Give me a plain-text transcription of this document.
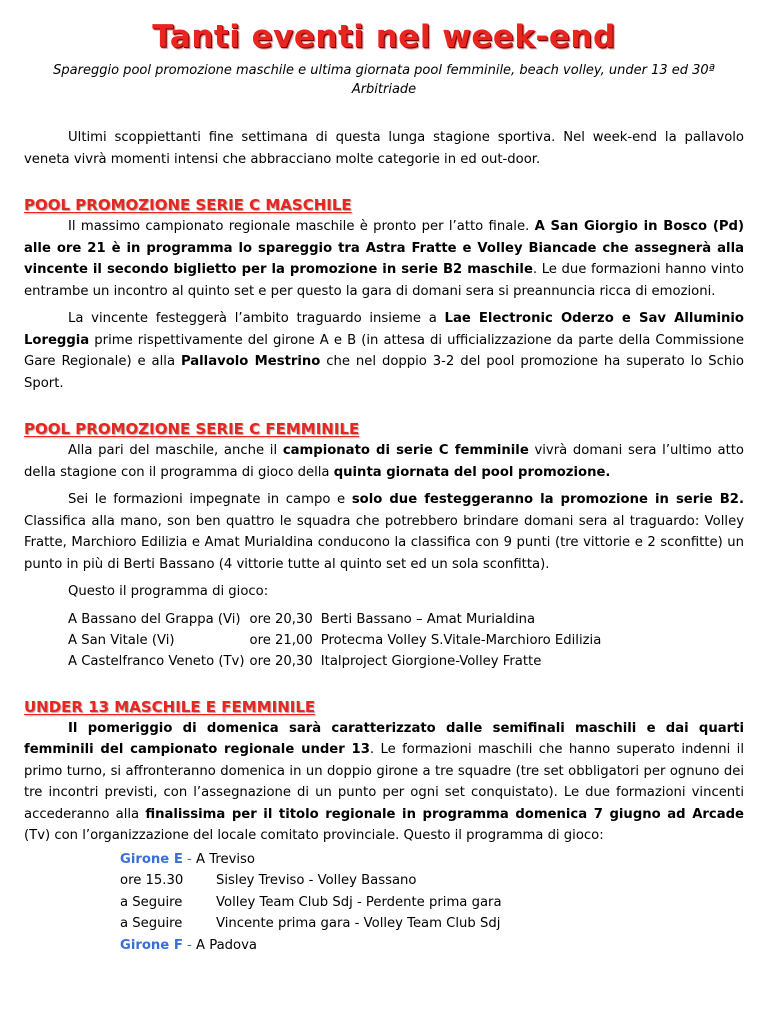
Tanti eventi nel week-end
Spareggio pool promozione maschile e ultima giornata pool femminile, beach volley, under 13 ed 30ª Arbitriade

Ultimi scoppiettanti fine settimana di questa lunga stagione sportiva. Nel week-end la pallavolo veneta vivrà momenti intensi che abbracciano molte categorie in ed out-door.

POOL PROMOZIONE SERIE C MASCHILE

Il massimo campionato regionale maschile è pronto per l’atto finale. A San Giorgio in Bosco (Pd) alle ore 21 è in programma lo spareggio tra Astra Fratte e Volley Biancade che assegnerà alla vincente il secondo biglietto per la promozione in serie B2 maschile. Le due formazioni hanno vinto entrambe un incontro al quinto set e per questo la gara di domani sera si preannuncia ricca di emozioni.

La vincente festeggerà l’ambito traguardo insieme a Lae Electronic Oderzo e Sav Alluminio Loreggia prime rispettivamente del girone A e B (in attesa di ufficializzazione da parte della Commissione Gare Regionale) e alla Pallavolo Mestrino che nel doppio 3-2 del pool promozione ha superato lo Schio Sport.

POOL PROMOZIONE SERIE C FEMMINILE

Alla pari del maschile, anche il campionato di serie C femminile vivrà domani sera l’ultimo atto della stagione con il programma di gioco della quinta giornata del pool promozione.

Sei le formazioni impegnate in campo e solo due festeggeranno la promozione in serie B2. Classifica alla mano, son ben quattro le squadra che potrebbero brindare domani sera al traguardo: Volley Fratte, Marchioro Edilizia e Amat Murialdina conducono la classifica con 9 punti (tre vittorie e 2 sconfitte) un punto in più di Berti Bassano (4 vittorie tutte al quinto set ed un sola sconfitta).

Questo il programma di gioco:

A Bassano del Grappa (Vi)	ore 20,30	Berti Bassano – Amat Murialdina
A San Vitale (Vi)	ore 21,00	Protecma Volley S.Vitale-Marchioro Edilizia
A Castelfranco Veneto (Tv)	ore 20,30	Italproject Giorgione-Volley Fratte
UNDER 13 MASCHILE E FEMMINILE

Il pomeriggio di domenica sarà caratterizzato dalle semifinali maschili e dai quarti femminili del campionato regionale under 13. Le formazioni maschili che hanno superato indenni il primo turno, si affronteranno domenica in un doppio girone a tre squadre (tre set obbligatori per ognuno dei tre incontri previsti, con l’assegnazione di un punto per ogni set conquistato). Le due formazioni vincenti accederanno alla finalissima per il titolo regionale in programma domenica 7 giugno ad Arcade (Tv) con l’organizzazione del locale comitato provinciale. Questo il programma di gioco:

Girone E - A Treviso
ore 15.30 Sisley Treviso - Volley Bassano
a Seguire	Volley Team Club Sdj - Perdente prima gara
a Seguire	Vincente prima gara - Volley Team Club Sdj
Girone F - A Padova
